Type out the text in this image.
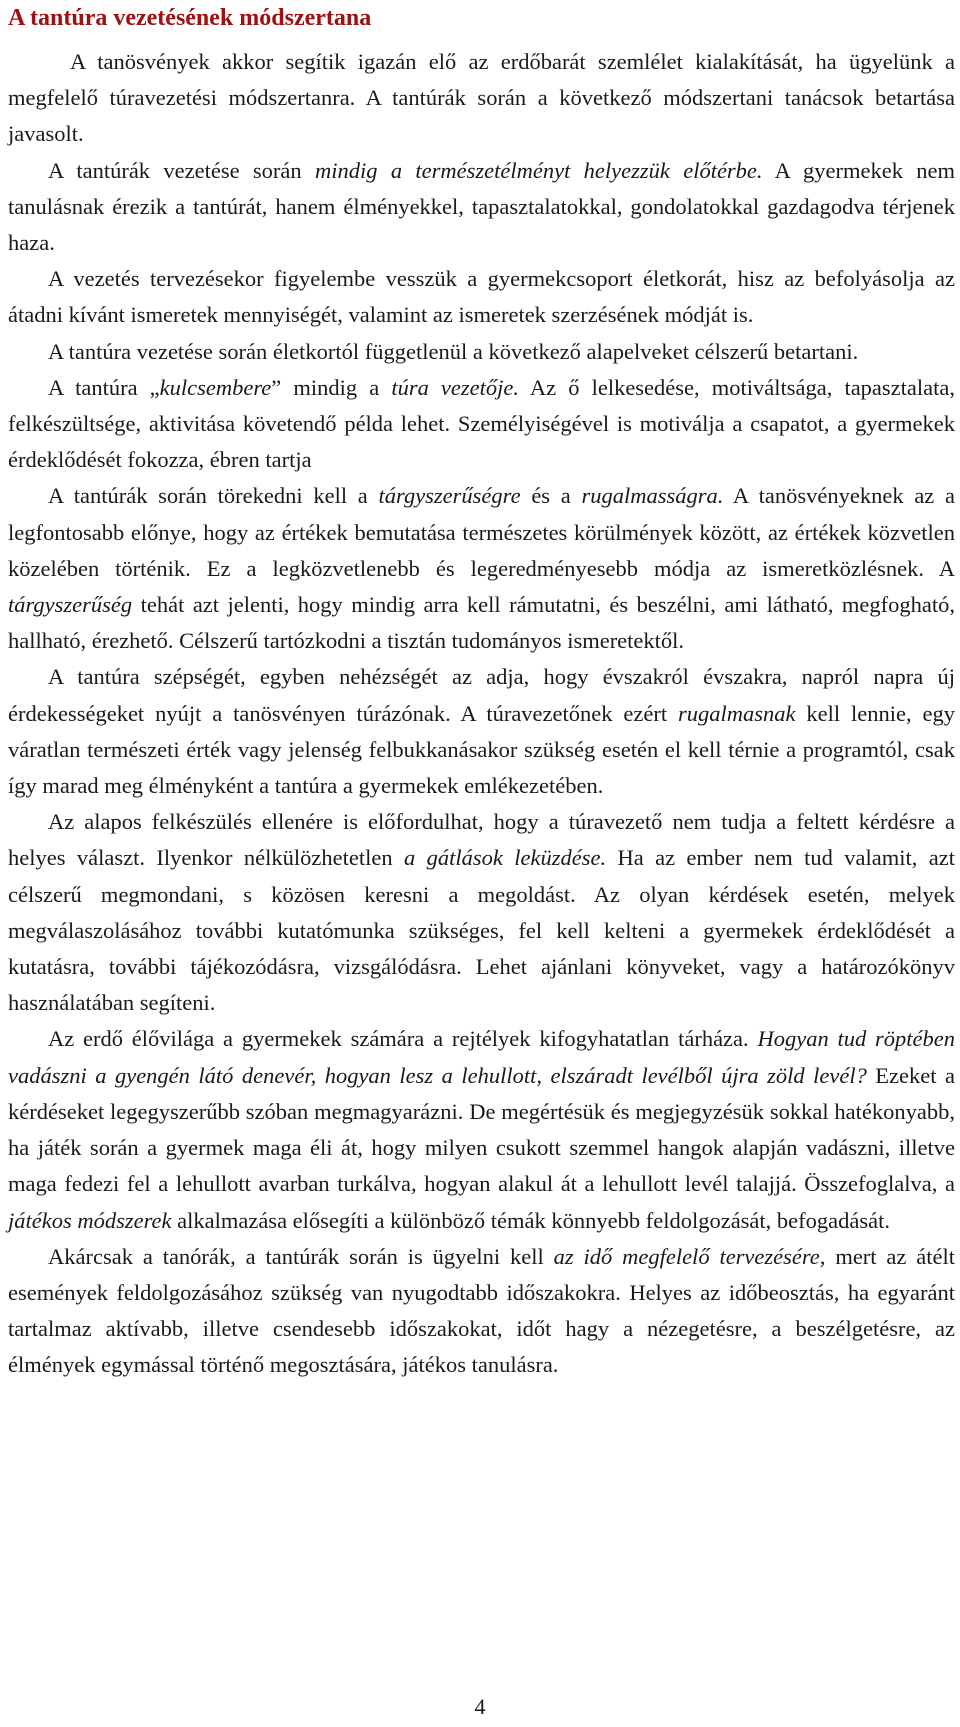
A tantúra vezetésének módszertana

A tanösvények akkor segítik igazán elő az erdőbarát szemlélet kialakítását, ha ügyelünk a megfelelő túravezetési módszertanra. A tantúrák során a következő módszertani tanácsok betartása javasolt.

A tantúrák vezetése során mindig a természetélményt helyezzük előtérbe. A gyermekek nem tanulásnak érezik a tantúrát, hanem élményekkel, tapasztalatokkal, gondolatokkal gazdagodva térjenek haza.

A vezetés tervezésekor figyelembe vesszük a gyermekcsoport életkorát, hisz az befolyásolja az átadni kívánt ismeretek mennyiségét, valamint az ismeretek szerzésének módját is.

A tantúra vezetése során életkortól függetlenül a következő alapelveket célszerű betartani.

A tantúra „kulcsembere” mindig a túra vezetője. Az ő lelkesedése, motiváltsága, tapasztalata, felkészültsége, aktivitása követendő példa lehet. Személyiségével is motiválja a csapatot, a gyermekek érdeklődését fokozza, ébren tartja

A tantúrák során törekedni kell a tárgyszerűségre és a rugalmasságra. A tanösvényeknek az a legfontosabb előnye, hogy az értékek bemutatása természetes körülmények között, az értékek közvetlen közelében történik. Ez a legközvetlenebb és legeredményesebb módja az ismeretközlésnek. A tárgyszerűség tehát azt jelenti, hogy mindig arra kell rámutatni, és beszélni, ami látható, megfogható, hallható, érezhető. Célszerű tartózkodni a tisztán tudományos ismeretektől.

A tantúra szépségét, egyben nehézségét az adja, hogy évszakról évszakra, napról napra új érdekességeket nyújt a tanösvényen túrázónak. A túravezetőnek ezért rugalmasnak kell lennie, egy váratlan természeti érték vagy jelenség felbukkanásakor szükség esetén el kell térnie a programtól, csak így marad meg élményként a tantúra a gyermekek emlékezetében.

Az alapos felkészülés ellenére is előfordulhat, hogy a túravezető nem tudja a feltett kérdésre a helyes választ. Ilyenkor nélkülözhetetlen a gátlások leküzdése. Ha az ember nem tud valamit, azt célszerű megmondani, s közösen keresni a megoldást. Az olyan kérdések esetén, melyek megválaszolásához további kutatómunka szükséges, fel kell kelteni a gyermekek érdeklődését a kutatásra, további tájékozódásra, vizsgálódásra. Lehet ajánlani könyveket, vagy a határozókönyv használatában segíteni.

Az erdő élővilága a gyermekek számára a rejtélyek kifogyhatatlan tárháza. Hogyan tud röptében vadászni a gyengén látó denevér, hogyan lesz a lehullott, elszáradt levélből újra zöld levél? Ezeket a kérdéseket legegyszerűbb szóban megmagyarázni. De megértésük és megjegyzésük sokkal hatékonyabb, ha játék során a gyermek maga éli át, hogy milyen csukott szemmel hangok alapján vadászni, illetve maga fedezi fel a lehullott avarban turkálva, hogyan alakul át a lehullott levél talajjá. Összefoglalva, a játékos módszerek alkalmazása elősegíti a különböző témák könnyebb feldolgozását, befogadását.

Akárcsak a tanórák, a tantúrák során is ügyelni kell az idő megfelelő tervezésére, mert az átélt események feldolgozásához szükség van nyugodtabb időszakokra. Helyes az időbeosztás, ha egyaránt tartalmaz aktívabb, illetve csendesebb időszakokat, időt hagy a nézegetésre, a beszélgetésre, az élmények egymással történő megosztására, játékos tanulásra.

4
